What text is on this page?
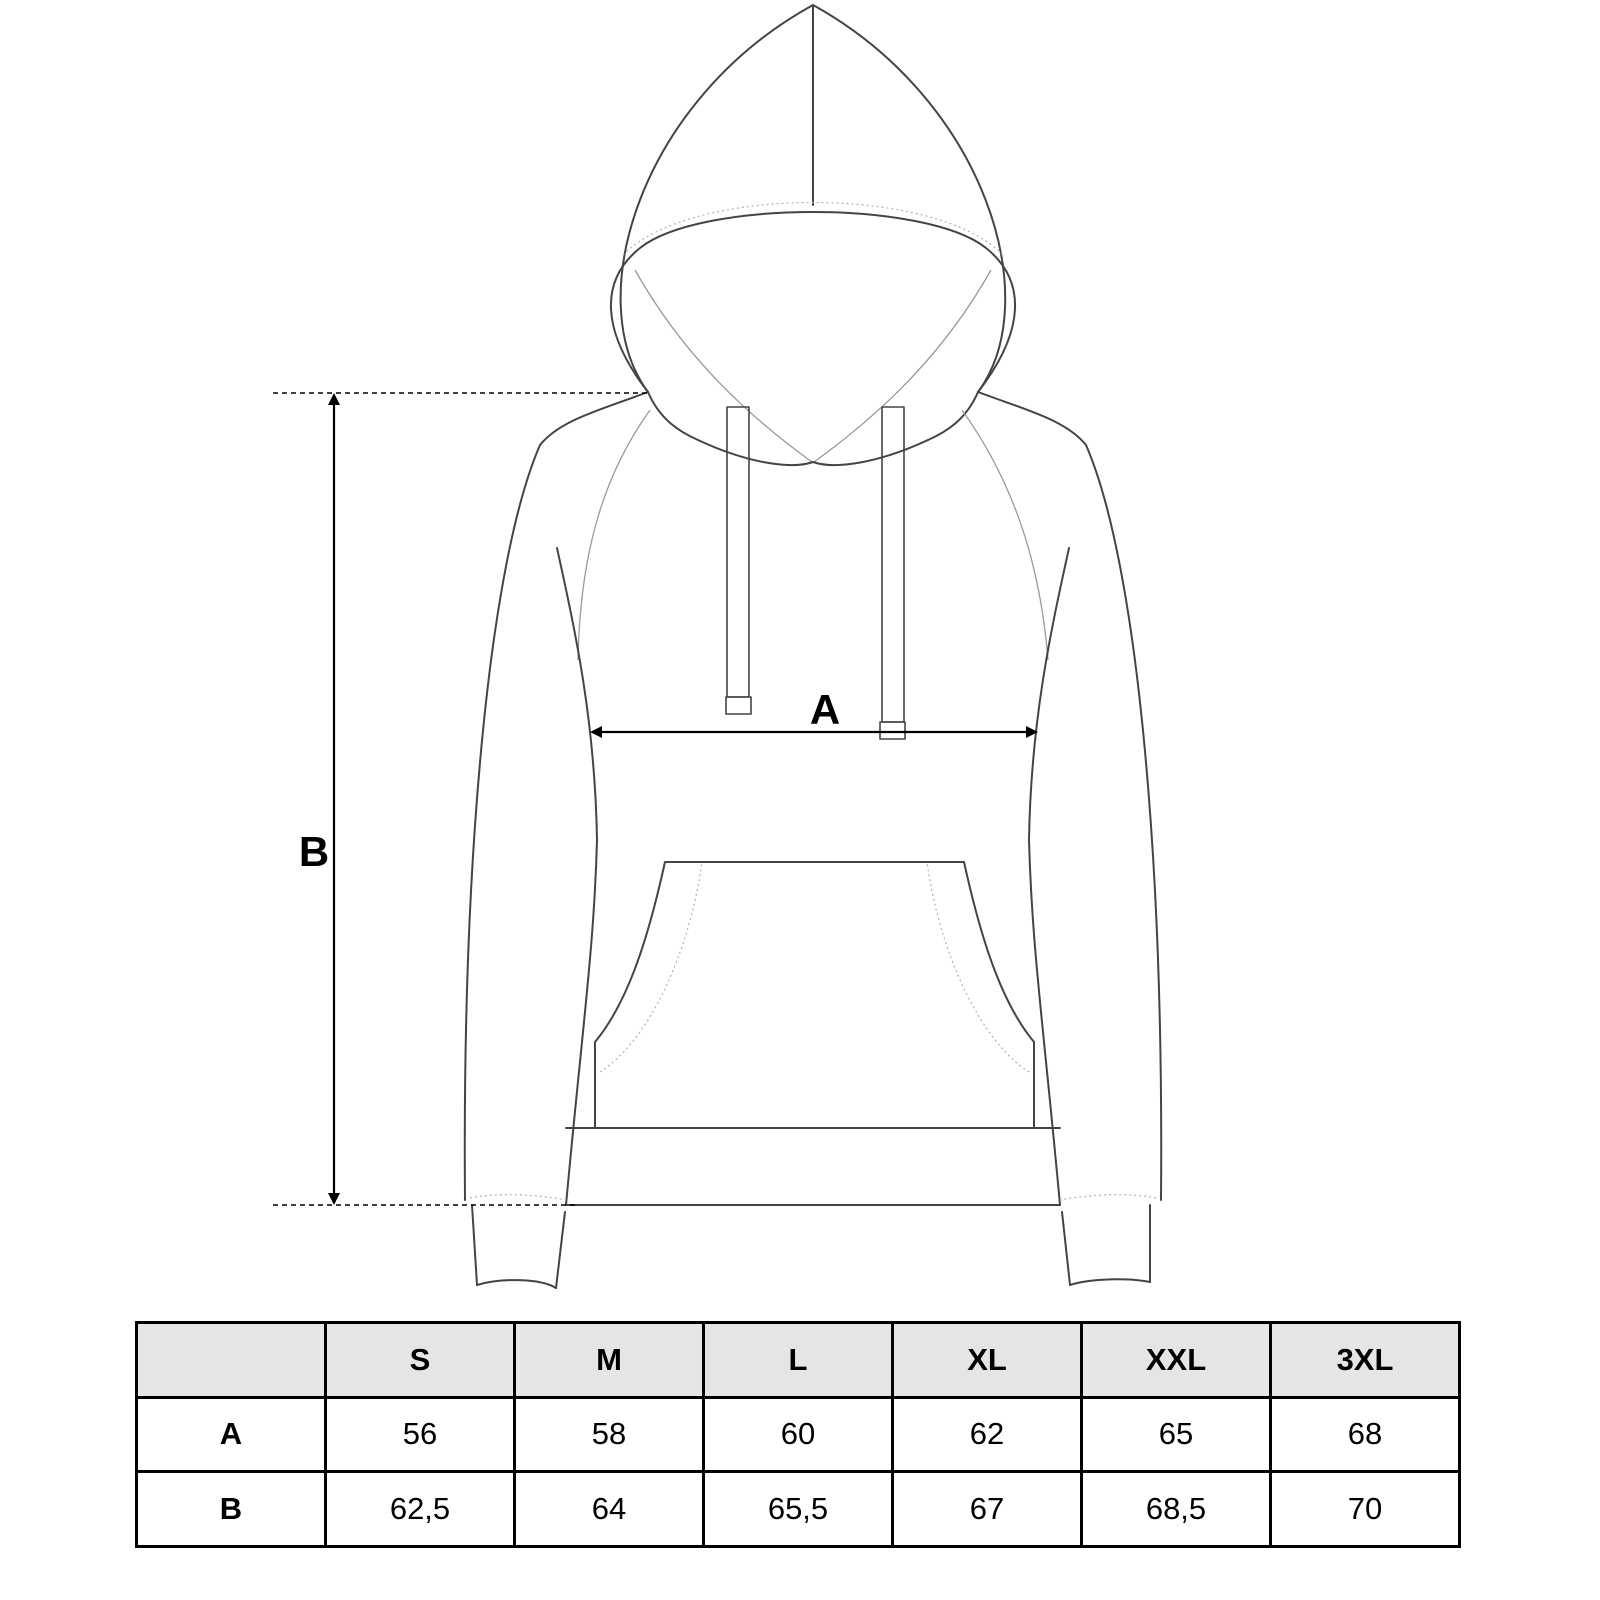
A
B
	S	M	L	XL	XXL	3XL
A	56	58	60	62	65	68
B	62,5	64	65,5	67	68,5	70
